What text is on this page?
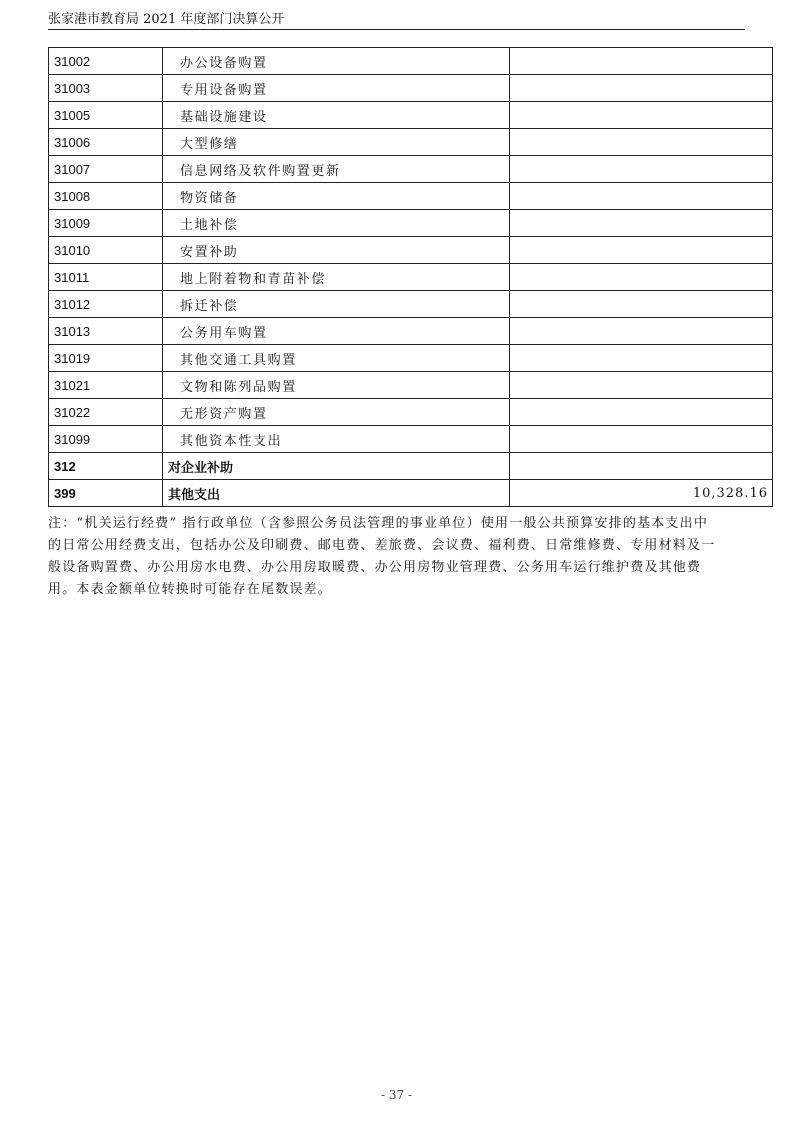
张家港市教育局 2021 年度部门决算公开
31002	办公设备购置	
31003	专用设备购置	
31005	基础设施建设	
31006	大型修缮	
31007	信息网络及软件购置更新	
31008	物资储备	
31009	土地补偿	
31010	安置补助	
31011	地上附着物和青苗补偿	
31012	拆迁补偿	
31013	公务用车购置	
31019	其他交通工具购置	
31021	文物和陈列品购置	
31022	无形资产购置	
31099	其他资本性支出	
312	对企业补助	
399	其他支出	10,328.16
注：“机关运行经费” 指行政单位（含参照公务员法管理的事业单位）使用一般公共预算安排的基本支出中
的日常公用经费支出，包括办公及印刷费、邮电费、差旅费、会议费、福利费、日常维修费、专用材料及一
般设备购置费、办公用房水电费、办公用房取暖费、办公用房物业管理费、公务用车运行维护费及其他费
用。本表金额单位转换时可能存在尾数误差。
- 37 -
